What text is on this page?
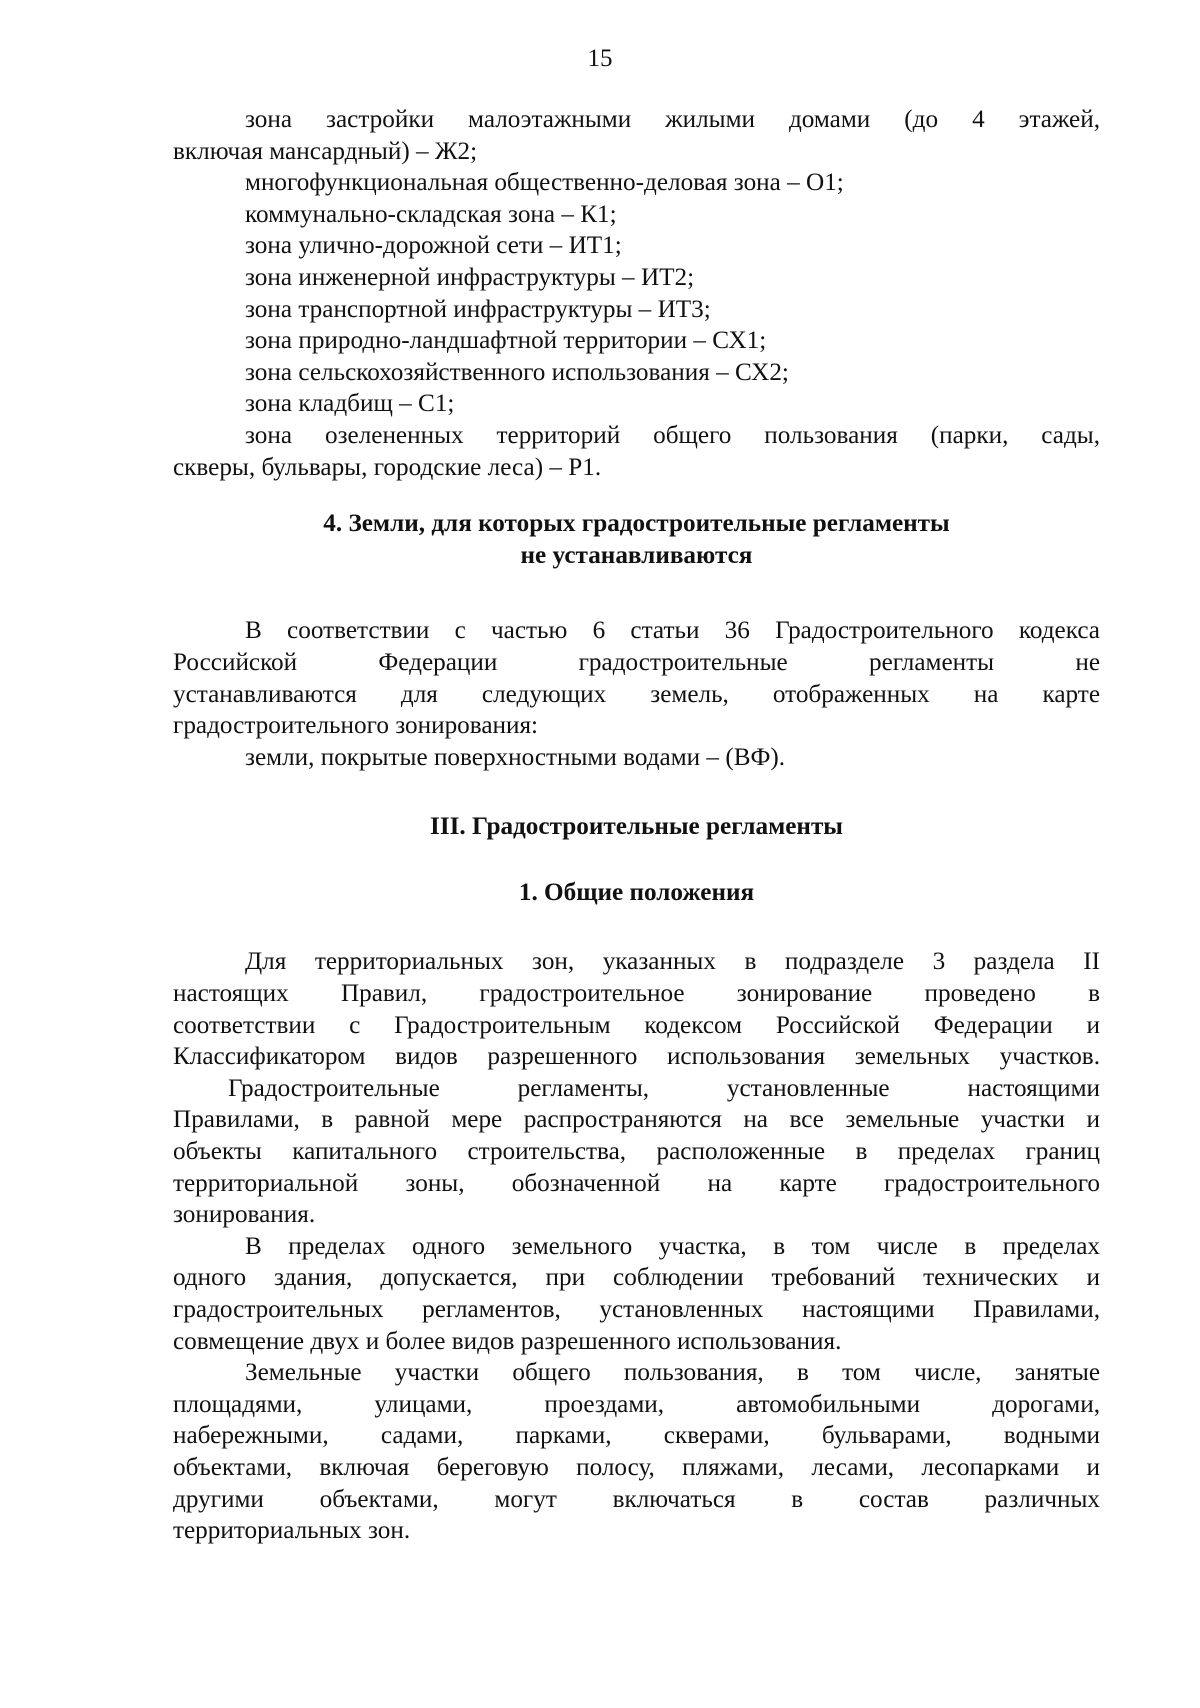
15

зона застройки малоэтажными жилыми домами (до 4 этажей,

включая мансардный) – Ж2;

многофункциональная общественно-деловая зона – О1;

коммунально-складская зона – К1;

зона улично-дорожной сети – ИТ1;

зона инженерной инфраструктуры – ИТ2;

зона транспортной инфраструктуры – ИТ3;

зона природно-ландшафтной территории – СХ1;

зона сельскохозяйственного использования – СХ2;

зона кладбищ – С1;

зона озелененных территорий общего пользования (парки, сады,

скверы, бульвары, городские леса) – Р1.

4. Земли, для которых градостроительные регламенты

не устанавливаются

В соответствии с частью 6 статьи 36 Градостроительного кодекса

Российской Федерации градостроительные регламенты не

устанавливаются для следующих земель, отображенных на карте

градостроительного зонирования:

земли, покрытые поверхностными водами – (ВФ).

III. Градостроительные регламенты

1. Общие положения

Для территориальных зон, указанных в подразделе 3 раздела II

настоящих Правил, градостроительное зонирование проведено в

соответствии с Градостроительным кодексом Российской Федерации и

Классификатором видов разрешенного использования земельных участков.

Градостроительные регламенты, установленные настоящими

Правилами, в равной мере распространяются на все земельные участки и

объекты капитального строительства, расположенные в пределах границ

территориальной зоны, обозначенной на карте градостроительного

зонирования.

В пределах одного земельного участка, в том числе в пределах

одного здания, допускается, при соблюдении требований технических и

градостроительных регламентов, установленных настоящими Правилами,

совмещение двух и более видов разрешенного использования.

Земельные участки общего пользования, в том числе, занятые

площадями, улицами, проездами, автомобильными дорогами,

набережными, садами, парками, скверами, бульварами, водными

объектами, включая береговую полосу, пляжами, лесами, лесопарками и

другими объектами, могут включаться в состав различных

территориальных зон.
